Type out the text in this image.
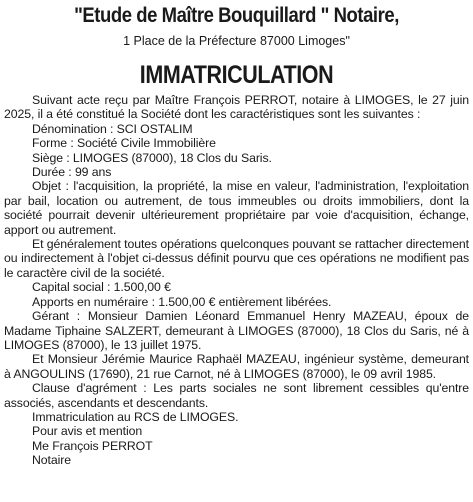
"Etude de Maître Bouquillard " Notaire,
1 Place de la Préfecture 87000 Limoges"
IMMATRICULATION

Suivant acte reçu par Maître François PERROT, notaire à LIMOGES, le 27 juin 2025, il a été constitué la Société dont les caractéristiques sont les suivantes :

Dénomination : SCI OSTALIM

Forme : Société Civile Immobilière

Siège : LIMOGES (87000), 18 Clos du Saris.

Durée : 99 ans

Objet : l'acquisition, la propriété, la mise en valeur, l'administration, l'exploitation par bail, location ou autrement, de tous immeubles ou droits immobiliers, dont la société pourrait devenir ultérieurement propriétaire par voie d'acquisition, échange, apport ou autrement.

Et généralement toutes opérations quelconques pouvant se rattacher directement ou indirectement à l'objet ci-dessus définit pourvu que ces opérations ne modifient pas le caractère civil de la société.

Capital social : 1.500,00 €

Apports en numéraire : 1.500,00 € entièrement libérées.

Gérant : Monsieur Damien Léonard Emmanuel Henry MAZEAU, époux de Madame Tiphaine SALZERT, demeurant à LIMOGES (87000), 18 Clos du Saris, né à LIMOGES (87000), le 13 juillet 1975.

Et Monsieur Jérémie Maurice Raphaël MAZEAU, ingénieur système, demeurant à ANGOULINS (17690), 21 rue Carnot, né à LIMOGES (87000), le 09 avril 1985.

Clause d'agrément : Les parts sociales ne sont librement cessibles qu'entre associés, ascendants et descendants.

Immatriculation au RCS de LIMOGES.

Pour avis et mention

Me François PERROT

Notaire
